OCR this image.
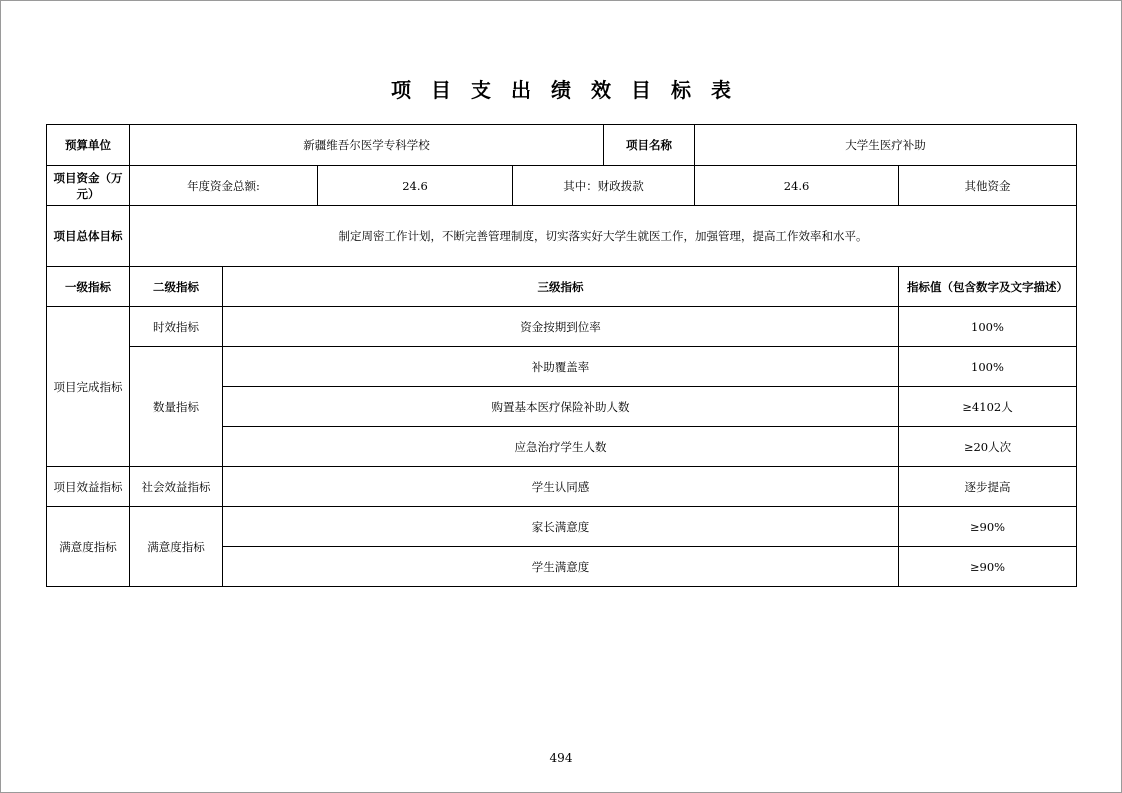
项 目 支 出 绩 效 目 标 表
预算单位	新疆维吾尔医学专科学校				项目名称	大学生医疗补助		
项目资金（万元）	年度资金总额:		24.6	其中：财政拨款		24.6	其他资金	
项目总体目标	制定周密工作计划，不断完善管理制度，切实落实好大学生就医工作，加强管理，提高工作效率和水平。							
一级指标	二级指标	三级指标					指标值（包含数字及文字描述）	
项目完成指标	时效指标	资金按期到位率					100%	
	数量指标	补助覆盖率					100%	
		购置基本医疗保险补助人数					≥4102人	
		应急治疗学生人数					≥20人次	
项目效益指标	社会效益指标	学生认同感					逐步提高	
满意度指标	满意度指标	家长满意度					≥90%	
		学生满意度					≥90%	
494
